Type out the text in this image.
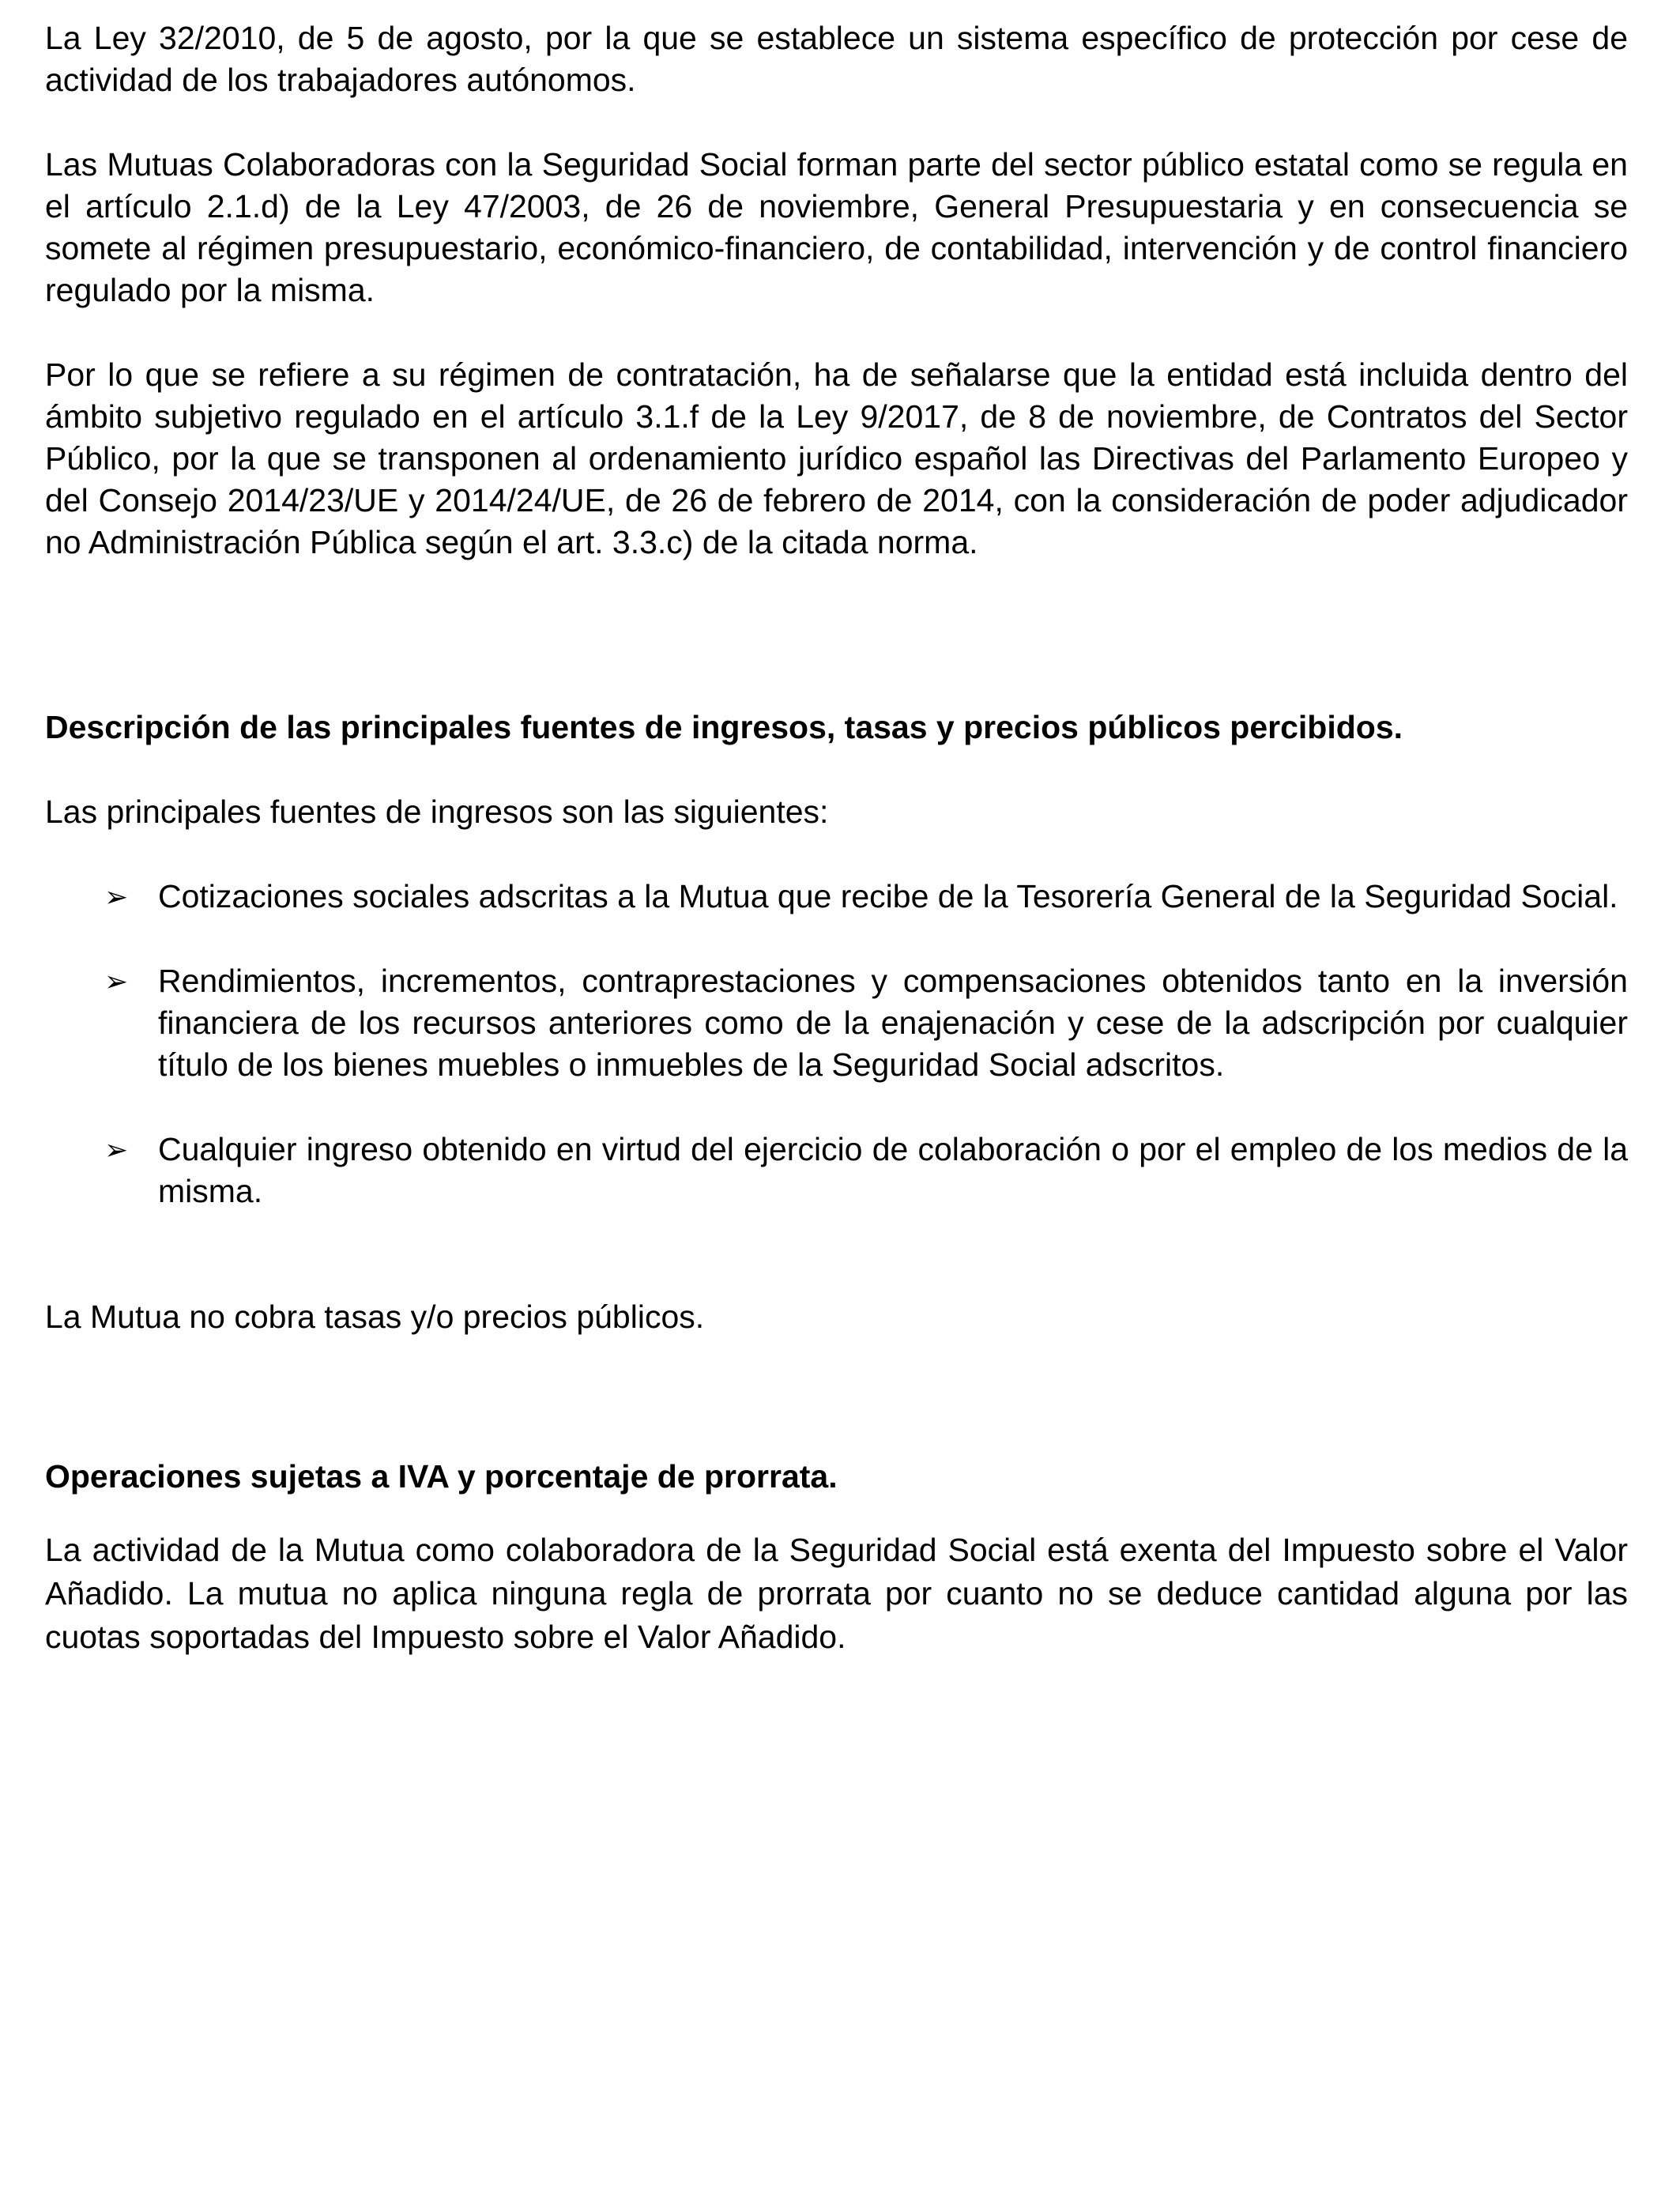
La Ley 32/2010, de 5 de agosto, por la que se establece un sistema específico de protección por cese de actividad de los trabajadores autónomos.

Las Mutuas Colaboradoras con la Seguridad Social forman parte del sector público estatal como se regula en el artículo 2.1.d) de la Ley 47/2003, de 26 de noviembre, General Presupuestaria y en consecuencia se somete al régimen presupuestario, económico-financiero, de contabilidad, intervención y de control financiero regulado por la misma.

Por lo que se refiere a su régimen de contratación, ha de señalarse que la entidad está incluida dentro del ámbito subjetivo regulado en el artículo 3.1.f de la Ley 9/2017, de 8 de noviembre, de Contratos del Sector Público, por la que se transponen al ordenamiento jurídico español las Directivas del Parlamento Europeo y del Consejo 2014/23/UE y 2014/24/UE, de 26 de febrero de 2014, con la consideración de poder adjudicador no Administración Pública según el art. 3.3.c) de la citada norma.

Descripción de las principales fuentes de ingresos, tasas y precios públicos percibidos.

Las principales fuentes de ingresos son las siguientes:

➢ Cotizaciones sociales adscritas a la Mutua que recibe de la Tesorería General de la Seguridad Social.
➢ Rendimientos, incrementos, contraprestaciones y compensaciones obtenidos tanto en la inversión financiera de los recursos anteriores como de la enajenación y cese de la adscripción por cualquier título de los bienes muebles o inmuebles de la Seguridad Social adscritos.
➢ Cualquier ingreso obtenido en virtud del ejercicio de colaboración o por el empleo de los medios de la misma.

La Mutua no cobra tasas y/o precios públicos.

Operaciones sujetas a IVA y porcentaje de prorrata.

La actividad de la Mutua como colaboradora de la Seguridad Social está exenta del Impuesto sobre el Valor Añadido. La mutua no aplica ninguna regla de prorrata por cuanto no se deduce cantidad alguna por las cuotas soportadas del Impuesto sobre el Valor Añadido.
